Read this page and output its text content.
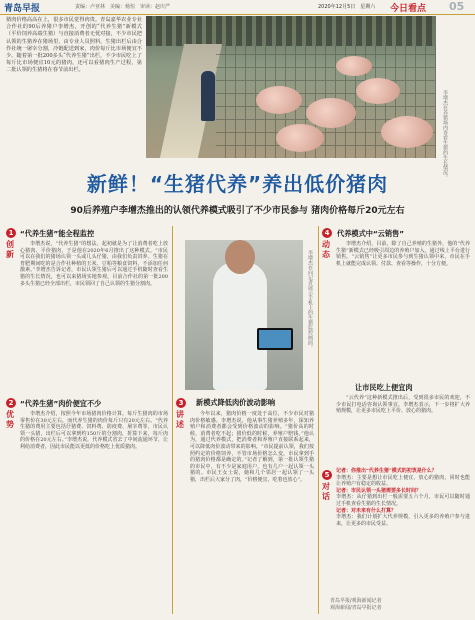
青岛早报	责编：卢亚林　美编：杨恒　审读：赵庆严	2020年12月5日　星期六 今日看点 05
猪肉价格高高在上，很多市民觉得肉贵。青岛嘉华农业专业合作社的90后养猪户李增杰，开创的“代养生猪”新模式（平价饲养高端生猪）与直接消费者无忧对接，不少市民把认领的生猪养在猪场里，由专业人员照料，生猪出栏后由合作社统一屠宰分割，冷链配送到家，肉价每斤比市场便宜不少。随着第一批200多头“代养生猪”出栏，不少市民吃上了每斤比市场便宜10元的猪肉，还可以看猪肉生产过程，第二批认领的生猪将在春节前出栏。
李增杰在养猪场内查看生猪的生长情况。
新鲜！“生猪代养”养出低价猪肉
90后养殖户李增杰推出的认领代养模式吸引了不少市民参与 猪肉价格每斤20元左右
1
创新
“代养生猪”能全程监控
李增杰说，“代养生猪”的想法，起初就是为了让消费者吃上放心猪肉、平价猪肉，于是他在2020年6月推出了这种模式。“市民可以在我们的猪场认领一头或几头仔猪，由我们负责饲养。生猪在育肥期间吃的是合作社种植的玉米、豆粕等粮食饲料，不添加任何激素。”李增杰告诉记者，市民认领生猪后可以通过手机随时查看生猪的生长情况，也可以来猪场实地参观。目前合作社的第一批200多头生猪已经全部出栏，市民领回了自己认领的生猪分割肉。
2
优势
“代养生猪”肉价便宜不少
李增杰介绍，按照今年市场猪肉价格计算，每斤生猪肉的市场零售价在30元左右，而代养生猪的肉价每斤只有20元左右。“代养生猪的费用主要包括仔猪费、饲料费、防疫费、屠宰费等，市民认领一头猪，出栏后可以拿到约150斤的分割肉，折算下来，每斤肉的价格在20元左右。”李增杰说，代养模式省去了中间流通环节，让利给消费者，因此市民能以更低的价格吃上优质猪肉。
李增杰在向记者展示手机上的生猪监控画面。
3
讲述
新模式降低肉价波动影响
今年以来，猪肉价格一度处于高位，不少市民对猪肉价格敏感。李增杰说，他从事生猪养殖多年，深知养殖户和消费者都会受到价格波动的影响。“猪价高的时候，消费者吃不起；猪价低的时候，养殖户赔钱。”他认为，通过代养模式，把消费者和养殖户直接联系起来，可以降低肉价波动带来的影响。“市民提前认领，我们按照约定的价格饲养，不管市场价格怎么变，市民拿到手的猪肉价格都是确定的。”记者了解到，第一批认领生猪的市民中，有不少是家庭用户，也有几户一起认领一头猪的。市民王女士说，她和几个邻居一起认领了一头猪，出栏后大家分了肉，“价格便宜，吃着也放心”。
4
动态
代养模式中“云销售”
李增杰介绍，目前，除了自己养殖的生猪外，他的“代养生猪”新模式已经吸引周边的养殖户加入，通过线上平台进行销售。“云销售”让更多市民参与到生猪认领中来，市民在手机上就能完成认领、付款、查看等操作，十分方便。
让市民吃上便宜肉
“云代养”这种新模式推出后，受到很多市民的欢迎，不少市民打电话咨询认领事宜。李增杰表示，下一步将扩大养殖规模，让更多市民吃上平价、放心的猪肉。
5
对话
记者：你推出“代养生猪”模式的初衷是什么？
李增杰：主要是想让市民吃上便宜、放心的猪肉，同时也能让养殖户有稳定的收益。
记者：市民认领一头猪需要多长时间？
李增杰：从仔猪到出栏一般需要五六个月，市民可以随时通过手机查看生猪的生长情况。
记者：对未来有什么打算？
李增杰：我们计划扩大代养规模，引入更多的养殖户参与进来，让更多的市民受益。
青岛早报/观海新闻记者
观海新闻/青岛早报记者
